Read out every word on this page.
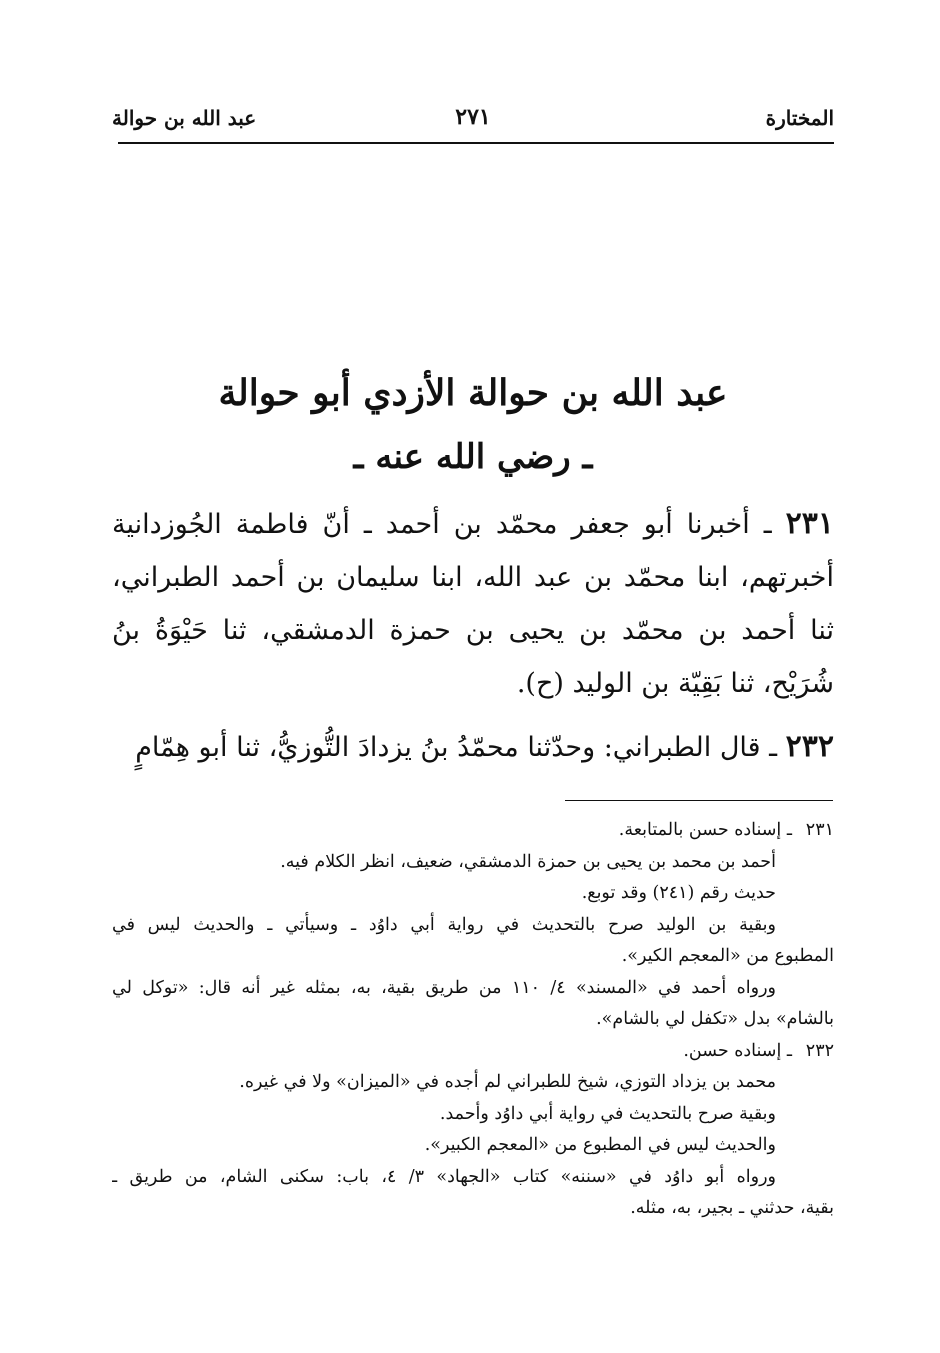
المختارة
٢٧١
عبد الله بن حوالة
عبد الله بن حوالة الأزدي أبو حوالة
ـ رضي الله عنه ـ
٢٣١ ـ أخبرنا أبو جعفر محمّد بن أحمد ـ أنّ فاطمة الجُوزدانية أخبرتهم، ابنا محمّد بن عبد الله، ابنا سليمان بن أحمد الطبراني، ثنا أحمد بن محمّد بن يحيى بن حمزة الدمشقي، ثنا حَيْوَةُ بنُ شُرَيْح، ثنا بَقِيّة بن الوليد (ح).
٢٣٢ ـ قال الطبراني: وحدّثنا محمّدُ بنُ يزدادَ التُّوزيُّ، ثنا أبو هِمّامٍ
٢٣١ـ إسناده حسن بالمتابعة.
أحمد بن محمد بن يحيى بن حمزة الدمشقي، ضعيف، انظر الكلام فيه.
حديث رقم (٢٤١) وقد توبع.
وبقية بن الوليد صرح بالتحديث في رواية أبي داوُد ـ وسيأتي ـ والحديث ليس في
المطبوع من «المعجم الكير».
ورواه أحمد في «المسند» ٤/ ١١٠ من طريق بقية، به، بمثله غير أنه قال: «توكل لي
بالشام» بدل «تكفل لي بالشام».
٢٣٢ـ إسناده حسن.
محمد بن يزداد التوزي، شيخ للطبراني لم أجده في «الميزان» ولا في غيره.
وبقية صرح بالتحديث في رواية أبي داوُد وأحمد.
والحديث ليس في المطبوع من «المعجم الكبير».
ورواه أبو داوُد في «سننه» كتاب «الجهاد» ٣/ ٤، باب: سكنى الشام، من طريق ـ
بقية، حدثني ـ بجير، به، مثله.
